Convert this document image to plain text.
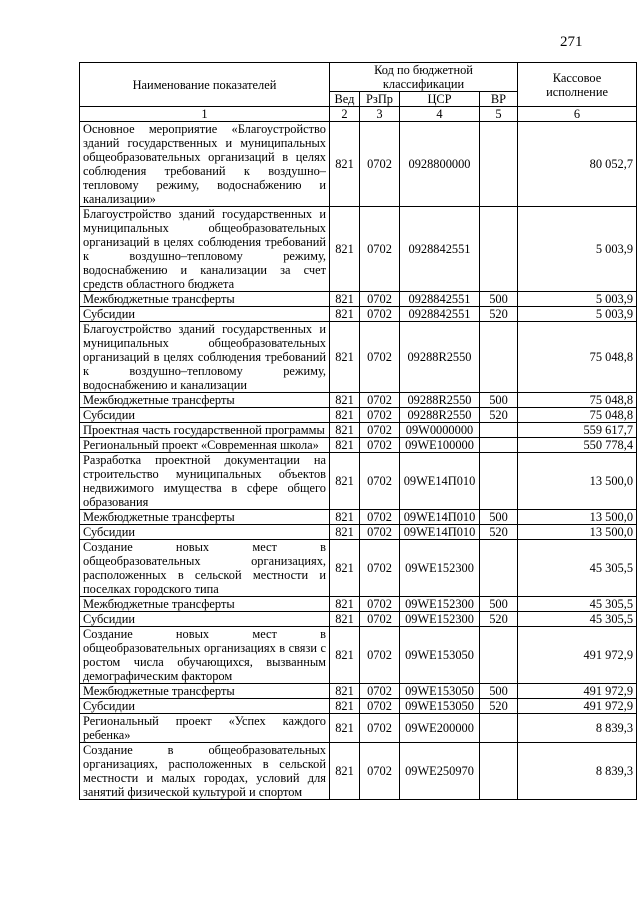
271
Наименование показателей	Код по бюджетной классификации				Кассовое
исполнение
	Вед	РзПр	ЦСР	ВР	
1	2	3	4	5	6
Основное мероприятие «Благоустройство зданий государственных и муниципальных общеобразовательных организаций в целях соблюдения требований к воздушно–тепловому режиму, водоснабжению и канализации»	821	0702	0928800000		80 052,7
Благоустройство зданий государственных и муниципальных общеобразовательных организаций в целях соблюдения требований к воздушно–тепловому режиму, водоснабжению и канализации за счет средств областного бюджета	821	0702	0928842551		5 003,9
Межбюджетные трансферты	821	0702	0928842551	500	5 003,9
Субсидии	821	0702	0928842551	520	5 003,9
Благоустройство зданий государственных и муниципальных общеобразовательных организаций в целях соблюдения требований к воздушно–тепловому режиму, водоснабжению и канализации	821	0702	09288R2550		75 048,8
Межбюджетные трансферты	821	0702	09288R2550	500	75 048,8
Субсидии	821	0702	09288R2550	520	75 048,8
Проектная часть государственной программы	821	0702	09W0000000		559 617,7
Региональный проект «Современная школа»	821	0702	09WE100000		550 778,4
Разработка проектной документации на строительство муниципальных объектов недвижимого имущества в сфере общего образования	821	0702	09WE14П010		13 500,0
Межбюджетные трансферты	821	0702	09WE14П010	500	13 500,0
Субсидии	821	0702	09WE14П010	520	13 500,0
Создание новых мест в общеобразовательных организациях, расположенных в сельской местности и поселках городского типа	821	0702	09WE152300		45 305,5
Межбюджетные трансферты	821	0702	09WE152300	500	45 305,5
Субсидии	821	0702	09WE152300	520	45 305,5
Создание новых мест в общеобразовательных организациях в связи с ростом числа обучающихся, вызванным демографическим фактором	821	0702	09WE153050		491 972,9
Межбюджетные трансферты	821	0702	09WE153050	500	491 972,9
Субсидии	821	0702	09WE153050	520	491 972,9
Региональный проект «Успех каждого ребенка»	821	0702	09WE200000		8 839,3
Создание в общеобразовательных организациях, расположенных в сельской местности и малых городах, условий для занятий физической культурой и спортом	821	0702	09WE250970		8 839,3
